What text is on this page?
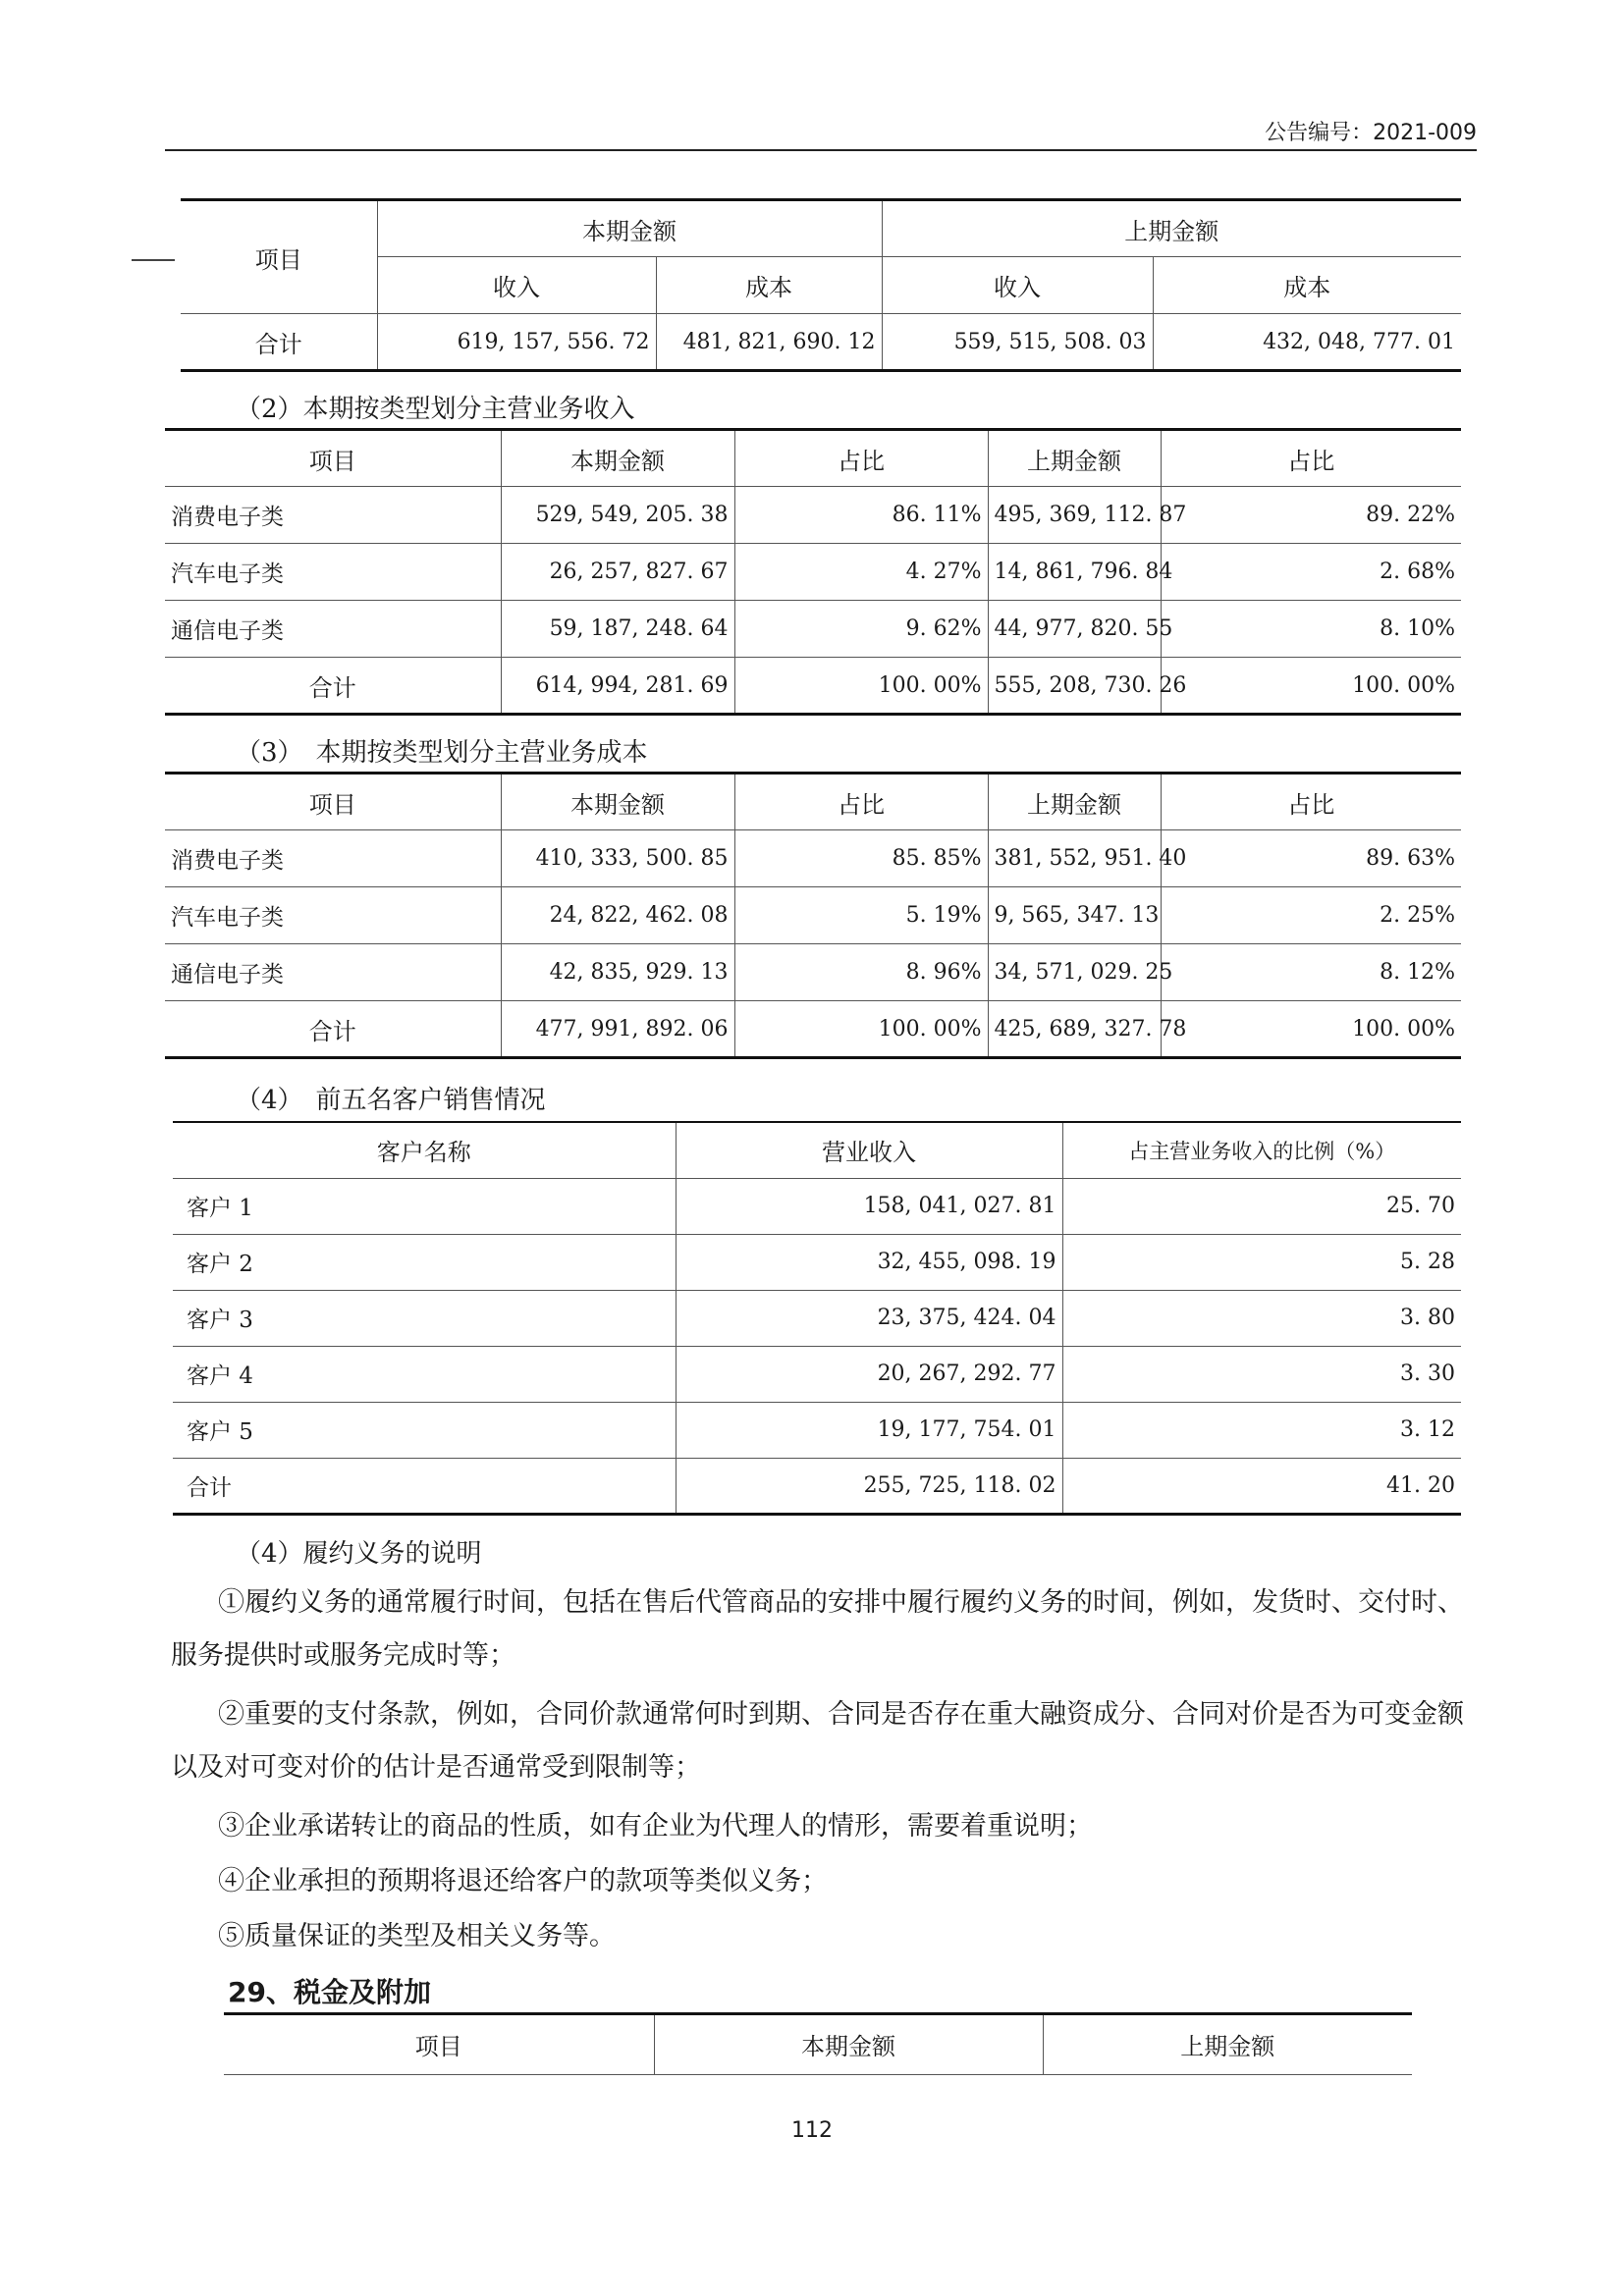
公告编号：2021-009
项目	本期金额		上期金额	
	收入	成本	收入	成本
合计	619, 157, 556. 72	481, 821, 690. 12	559, 515, 508. 03	432, 048, 777. 01
（2）本期按类型划分主营业务收入
项目	本期金额	占比	上期金额	占比
消费电子类	529, 549, 205. 38	86. 11%	495, 369, 112. 87	89. 22%
汽车电子类	26, 257, 827. 67	4. 27%	14, 861, 796. 84	2. 68%
通信电子类	59, 187, 248. 64	9. 62%	44, 977, 820. 55	8. 10%
合计	614, 994, 281. 69	100. 00%	555, 208, 730. 26	100. 00%
（3）　本期按类型划分主营业务成本
项目	本期金额	占比	上期金额	占比
消费电子类	410, 333, 500. 85	85. 85%	381, 552, 951. 40	89. 63%
汽车电子类	24, 822, 462. 08	5. 19%	9, 565, 347. 13	2. 25%
通信电子类	42, 835, 929. 13	8. 96%	34, 571, 029. 25	8. 12%
合计	477, 991, 892. 06	100. 00%	425, 689, 327. 78	100. 00%
（4）　前五名客户销售情况
客户名称	营业收入	占主营业务收入的比例（%）
客户 1	158, 041, 027. 81	25. 70
客户 2	32, 455, 098. 19	5. 28
客户 3	23, 375, 424. 04	3. 80
客户 4	20, 267, 292. 77	3. 30
客户 5	19, 177, 754. 01	3. 12
合计	255, 725, 118. 02	41. 20
（4）履约义务的说明
①履约义务的通常履行时间，包括在售后代管商品的安排中履行履约义务的时间，例如，发货时、交付时、服务提供时或服务完成时等；
②重要的支付条款，例如，合同价款通常何时到期、合同是否存在重大融资成分、合同对价是否为可变金额以及对可变对价的估计是否通常受到限制等；
③企业承诺转让的商品的性质，如有企业为代理人的情形，需要着重说明；
④企业承担的预期将退还给客户的款项等类似义务；
⑤质量保证的类型及相关义务等。
29、税金及附加
项目	本期金额	上期金额
112
